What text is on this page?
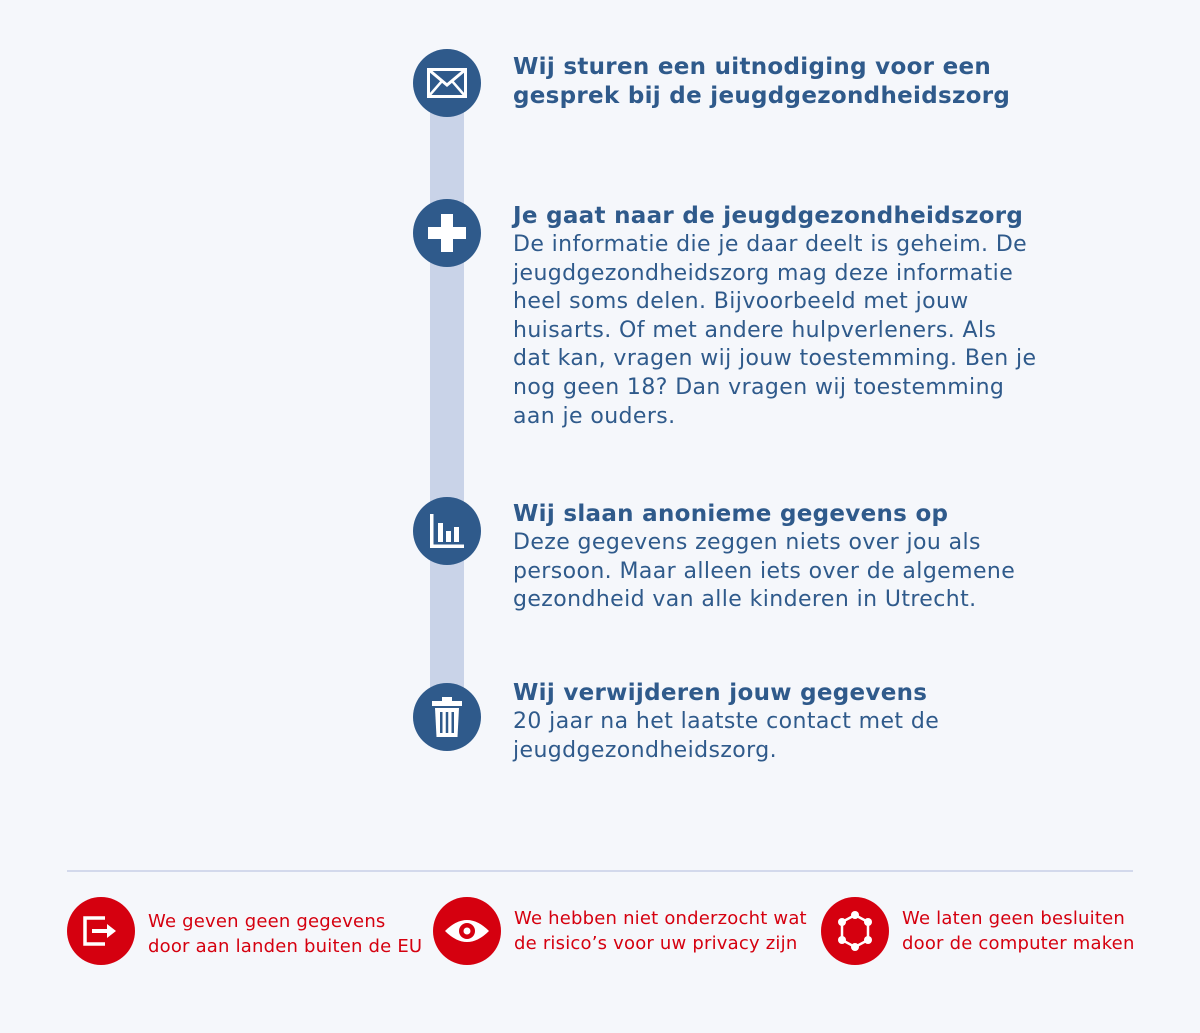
Wij sturen een uitnodiging voor een
gesprek bij de jeugdgezondheidszorg
Je gaat naar de jeugdgezondheidszorg
De informatie die je daar deelt is geheim. De
jeugdgezondheidszorg mag deze informatie
heel soms delen. Bijvoorbeeld met jouw
huisarts. Of met andere hulpverleners. Als
dat kan, vragen wij jouw toestemming. Ben je
nog geen 18? Dan vragen wij toestemming
aan je ouders.
Wij slaan anonieme gegevens op
Deze gegevens zeggen niets over jou als
persoon. Maar alleen iets over de algemene
gezondheid van alle kinderen in Utrecht.
Wij verwijderen jouw gegevens
20 jaar na het laatste contact met de
jeugdgezondheidszorg.
We geven geen gegevens
door aan landen buiten de EU
We hebben niet onderzocht wat
de risico’s voor uw privacy zijn
We laten geen besluiten
door de computer maken
